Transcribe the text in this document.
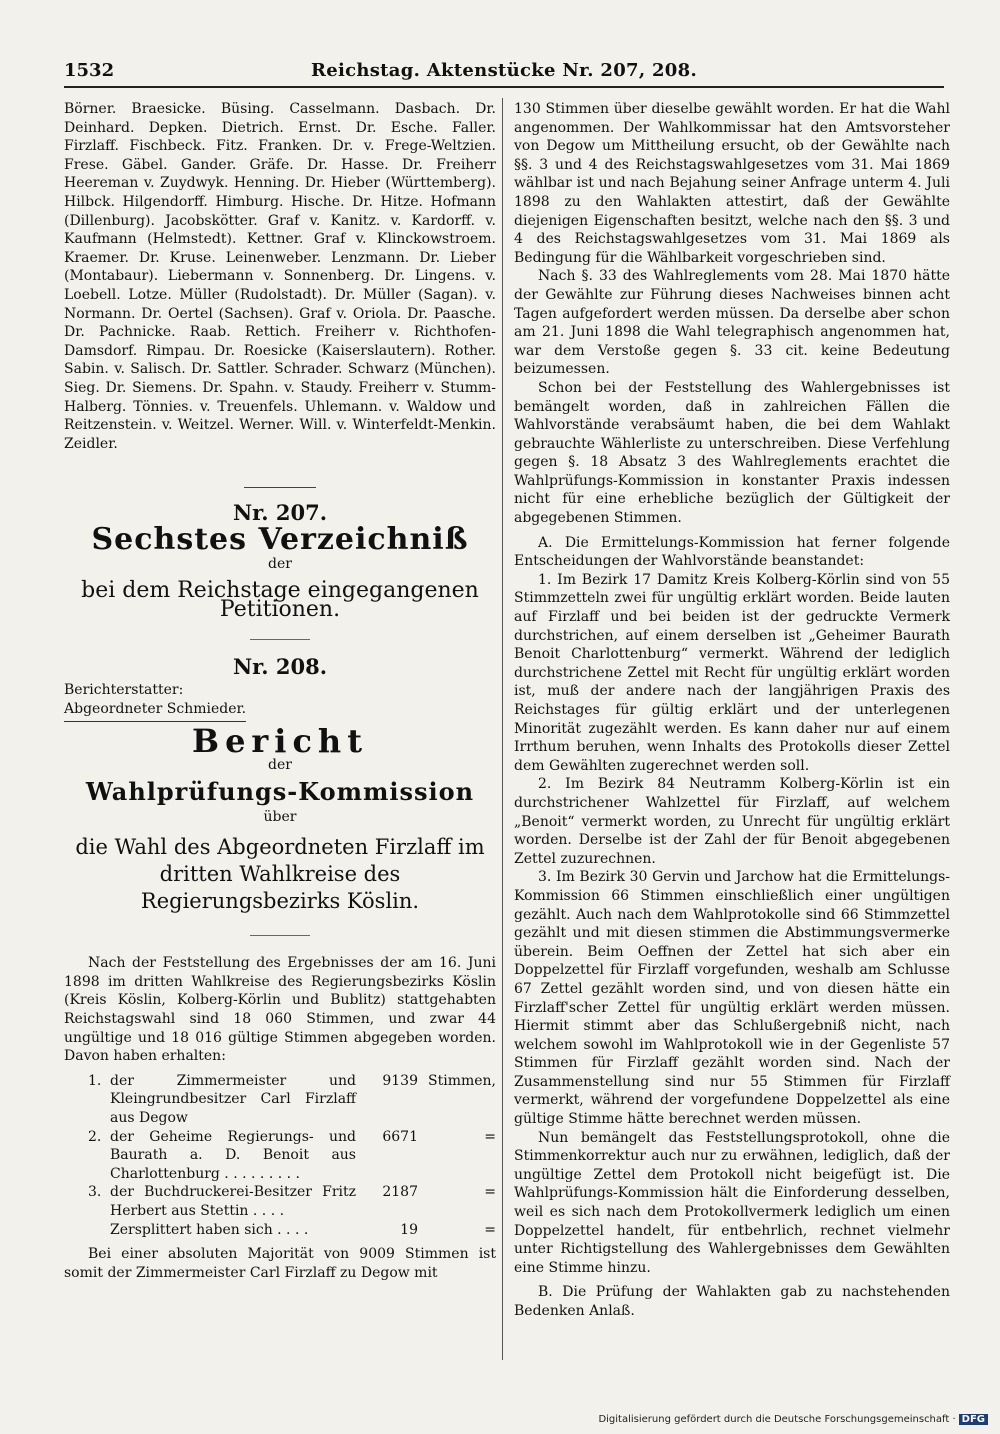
1532	Reichstag. Aktenstücke Nr. 207, 208.

Börner. Braesicke. Büsing. Casselmann. Dasbach. Dr. Deinhard. Depken. Dietrich. Ernst. Dr. Esche. Faller. Firzlaff. Fischbeck. Fitz. Franken. Dr. v. Frege-Weltzien. Frese. Gäbel. Gander. Gräfe. Dr. Hasse. Dr. Freiherr Heereman v. Zuydwyk. Henning. Dr. Hieber (Württemberg). Hilbck. Hilgendorff. Himburg. Hische. Dr. Hitze. Hofmann (Dillenburg). Jacobskötter. Graf v. Kanitz. v. Kardorff. v. Kaufmann (Helmstedt). Kettner. Graf v. Klinckowstroem. Kraemer. Dr. Kruse. Leinenweber. Lenzmann. Dr. Lieber (Montabaur). Liebermann v. Sonnenberg. Dr. Lingens. v. Loebell. Lotze. Müller (Rudolstadt). Dr. Müller (Sagan). v. Normann. Dr. Oertel (Sachsen). Graf v. Oriola. Dr. Paasche. Dr. Pachnicke. Raab. Rettich. Freiherr v. Richthofen-Damsdorf. Rimpau. Dr. Roesicke (Kaiserslautern). Rother. Sabin. v. Salisch. Dr. Sattler. Schrader. Schwarz (München). Sieg. Dr. Siemens. Dr. Spahn. v. Staudy. Freiherr v. Stumm-Halberg. Tönnies. v. Treuenfels. Uhlemann. v. Waldow und Reitzenstein. v. Weitzel. Werner. Will. v. Winterfeldt-Menkin. Zeidler.

Nr. 207.
Sechstes Verzeichniß
der
bei dem Reichstage eingegangenen Petitionen.
Nr. 208.
Berichterstatter:
Abgeordneter Schmieder.
Bericht
der
Wahlprüfungs-Kommission
über
die Wahl des Abgeordneten Firzlaff im dritten Wahlkreise des Regierungsbezirks Köslin.

Nach der Feststellung des Ergebnisses der am 16. Juni 1898 im dritten Wahlkreise des Regierungsbezirks Köslin (Kreis Köslin, Kolberg-Körlin und Bublitz) stattgehabten Reichstagswahl sind 18 060 Stimmen, und zwar 44 ungültige und 18 016 gültige Stimmen abgegeben worden. Davon haben erhalten:

1. der Zimmermeister und Kleingrundbesitzer Carl Firzlaff aus Degow
9139 Stimmen,
2. der Geheime Regierungs- und Baurath a. D. Benoit aus Charlottenburg . . . . . . . . .
6671	=
3. der Buchdruckerei-Besitzer Fritz Herbert aus Stettin . . . .
2187	=
Zersplittert haben sich . . . .	19	=

Bei einer absoluten Majorität von 9009 Stimmen ist somit der Zimmermeister Carl Firzlaff zu Degow mit

130 Stimmen über dieselbe gewählt worden. Er hat die Wahl angenommen. Der Wahlkommissar hat den Amtsvorsteher von Degow um Mittheilung ersucht, ob der Gewählte nach §§. 3 und 4 des Reichstagswahlgesetzes vom 31. Mai 1869 wählbar ist und nach Bejahung seiner Anfrage unterm 4. Juli 1898 zu den Wahlakten attestirt, daß der Gewählte diejenigen Eigenschaften besitzt, welche nach den §§. 3 und 4 des Reichstagswahlgesetzes vom 31. Mai 1869 als Bedingung für die Wählbarkeit vorgeschrieben sind.

Nach §. 33 des Wahlreglements vom 28. Mai 1870 hätte der Gewählte zur Führung dieses Nachweises binnen acht Tagen aufgefordert werden müssen. Da derselbe aber schon am 21. Juni 1898 die Wahl telegraphisch angenommen hat, war dem Verstoße gegen §. 33 cit. keine Bedeutung beizumessen.

Schon bei der Feststellung des Wahlergebnisses ist bemängelt worden, daß in zahlreichen Fällen die Wahlvorstände verabsäumt haben, die bei dem Wahlakt gebrauchte Wählerliste zu unterschreiben. Diese Verfehlung gegen §. 18 Absatz 3 des Wahlreglements erachtet die Wahlprüfungs-Kommission in konstanter Praxis indessen nicht für eine erhebliche bezüglich der Gültigkeit der abgegebenen Stimmen.

A. Die Ermittelungs-Kommission hat ferner folgende Entscheidungen der Wahlvorstände beanstandet:

1. Im Bezirk 17 Damitz Kreis Kolberg-Körlin sind von 55 Stimmzetteln zwei für ungültig erklärt worden. Beide lauten auf Firzlaff und bei beiden ist der gedruckte Vermerk durchstrichen, auf einem derselben ist „Geheimer Baurath Benoit Charlottenburg“ vermerkt. Während der lediglich durchstrichene Zettel mit Recht für ungültig erklärt worden ist, muß der andere nach der langjährigen Praxis des Reichstages für gültig erklärt und der unterlegenen Minorität zugezählt werden. Es kann daher nur auf einem Irrthum beruhen, wenn Inhalts des Protokolls dieser Zettel dem Gewählten zugerechnet werden soll.

2. Im Bezirk 84 Neutramm Kolberg-Körlin ist ein durchstrichener Wahlzettel für Firzlaff, auf welchem „Benoit“ vermerkt worden, zu Unrecht für ungültig erklärt worden. Derselbe ist der Zahl der für Benoit abgegebenen Zettel zuzurechnen.

3. Im Bezirk 30 Gervin und Jarchow hat die Ermittelungs-Kommission 66 Stimmen einschließlich einer ungültigen gezählt. Auch nach dem Wahlprotokolle sind 66 Stimmzettel gezählt und mit diesen stimmen die Abstimmungsvermerke überein. Beim Oeffnen der Zettel hat sich aber ein Doppelzettel für Firzlaff vorgefunden, weshalb am Schlusse 67 Zettel gezählt worden sind, und von diesen hätte ein Firzlaff'scher Zettel für ungültig erklärt werden müssen. Hiermit stimmt aber das Schlußergebniß nicht, nach welchem sowohl im Wahlprotokoll wie in der Gegenliste 57 Stimmen für Firzlaff gezählt worden sind. Nach der Zusammenstellung sind nur 55 Stimmen für Firzlaff vermerkt, während der vorgefundene Doppelzettel als eine gültige Stimme hätte berechnet werden müssen.

Nun bemängelt das Feststellungsprotokoll, ohne die Stimmenkorrektur auch nur zu erwähnen, lediglich, daß der ungültige Zettel dem Protokoll nicht beigefügt ist. Die Wahlprüfungs-Kommission hält die Einforderung desselben, weil es sich nach dem Protokollvermerk lediglich um einen Doppelzettel handelt, für entbehrlich, rechnet vielmehr unter Richtigstellung des Wahlergebnisses dem Gewählten eine Stimme hinzu.

B. Die Prüfung der Wahlakten gab zu nachstehenden Bedenken Anlaß.

Digitalisierung gefördert durch die Deutsche Forschungsgemeinschaft · DFG
